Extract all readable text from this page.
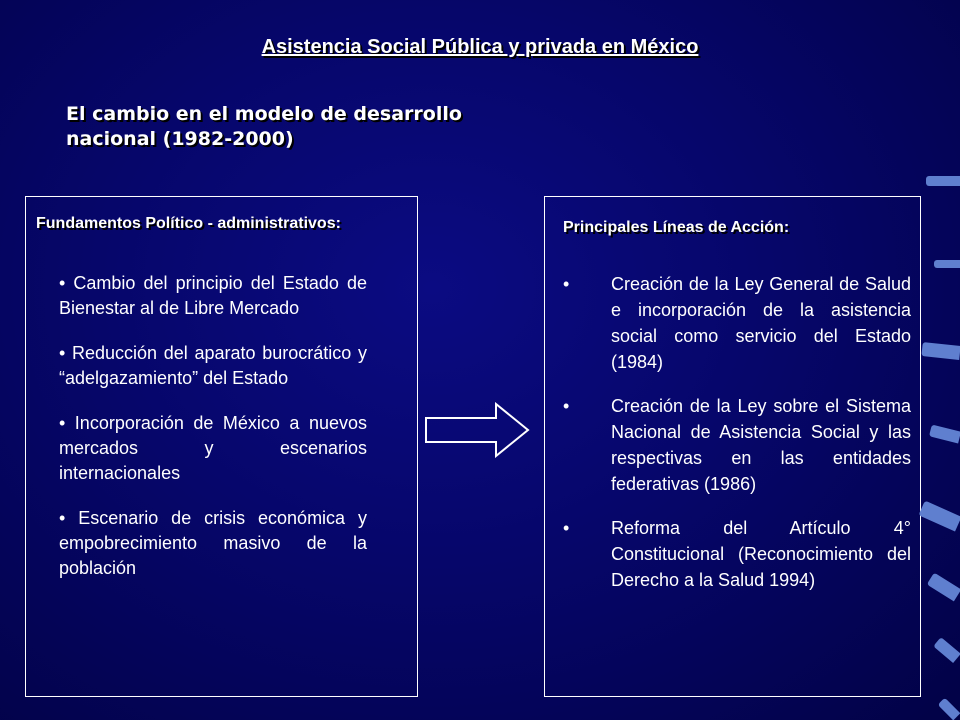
Asistencia Social Pública y privada en México
El cambio en el modelo de desarrollo nacional (1982-2000)
Fundamentos Político - administrativos:
• Cambio del principio del Estado de Bienestar al de Libre Mercado
• Reducción del aparato burocrático y “adelgazamiento” del Estado
• Incorporación de México a nuevos mercados y escenarios internacionales
• Escenario de crisis económica y empobrecimiento masivo de la población
Principales Líneas de Acción:
•	Creación de la Ley General de Salud e incorporación de la asistencia social como servicio del Estado (1984)
•	Creación de la Ley sobre el Sistema Nacional de Asistencia Social y las respectivas en las entidades federativas (1986)
•	Reforma del Artículo 4° Constitucional (Reconocimiento del Derecho a la Salud 1994)
